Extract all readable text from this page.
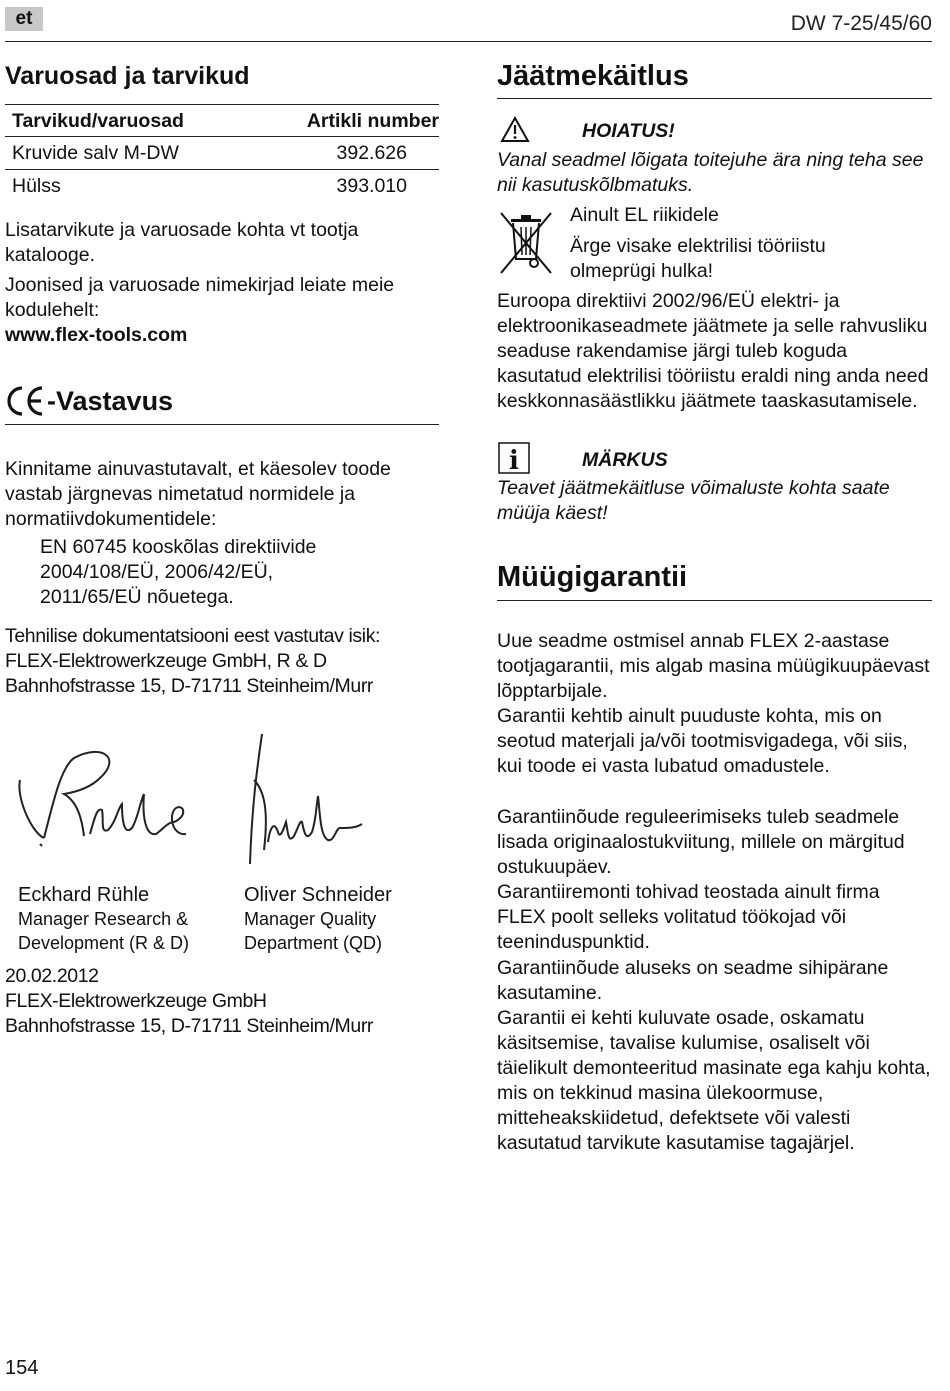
et	DW 7-25/45/60
Varuosad ja tarvikud
Tarvikud/varuosad	Artikli number
Kruvide salv M-DW	392.626
Hülss	393.010

Lisatarvikute ja varuosade kohta vt tootja kataloogе.

Joonised ja varuosade nimekirjad leiate meie kodulehelt:

www.flex-tools.com

-Vastavus

Kinnitame ainuvastutavalt, et käesolev toode vastab järgnevas nimetatud normidele ja normatiivdokumentidele:

EN 60745 kooskõlas direktiivide 2004/108/EÜ, 2006/42/EÜ, 2011/65/EÜ nõuetega.

Tehnilise dokumentatsiooni eest vastutav isik:

FLEX-Elektrowerkzeuge GmbH, R & D

Bahnhofstrasse 15, D-71711 Steinheim/Murr

Eckhard Rühle
Manager Research &
Development (R & D)
Oliver Schneider
Manager Quality
Department (QD)

20.02.2012

FLEX-Elektrowerkzeuge GmbH

Bahnhofstrasse 15, D-71711 Steinheim/Murr

Jäätmekäitlus
HOIATUS!

Vanal seadmel lõigata toitejuhe ära ning teha see nii kasutuskõlbmatuks.

Ainult EL riikidele

Ärge visake elektrilisi tööriistu olmeprügi hulka!

Euroopa direktiivi 2002/96/EÜ elektri- ja elektroonikaseadmete jäätmete ja selle rahvusliku seaduse rakendamise järgi tuleb koguda kasutatud elektrilisi tööriistu eraldi ning anda need keskkonnasäästlikku jäätmete taaskasutamisele.

i	MÄRKUS

Teavet jäätmekäitluse võimaluste kohta saate müüja käest!

Müügigarantii

Uue seadme ostmisel annab FLEX 2-aastase tootjagarantii, mis algab masina müügikuupäevast lõpptarbijale.

Garantii kehtib ainult puuduste kohta, mis on seotud materjali ja/või tootmisvigadega, või siis, kui toode ei vasta lubatud omadustele.

Garantiinõude reguleerimiseks tuleb seadmele lisada originaalostukviitung, millele on märgitud ostukuupäev.

Garantiiremonti tohivad teostada ainult firma FLEX poolt selleks volitatud töökojad või teeninduspunktid.

Garantiinõude aluseks on seadme sihipärane kasutamine.

Garantii ei kehti kuluvate osade, oskamatu käsitsemise, tavalise kulumise, osaliselt või täielikult demonteeritud masinate ega kahju kohta, mis on tekkinud masina ülekoormuse, mitteheakskiidetud, defektsete või valesti kasutatud tarvikute kasutamise tagajärjel.

154
